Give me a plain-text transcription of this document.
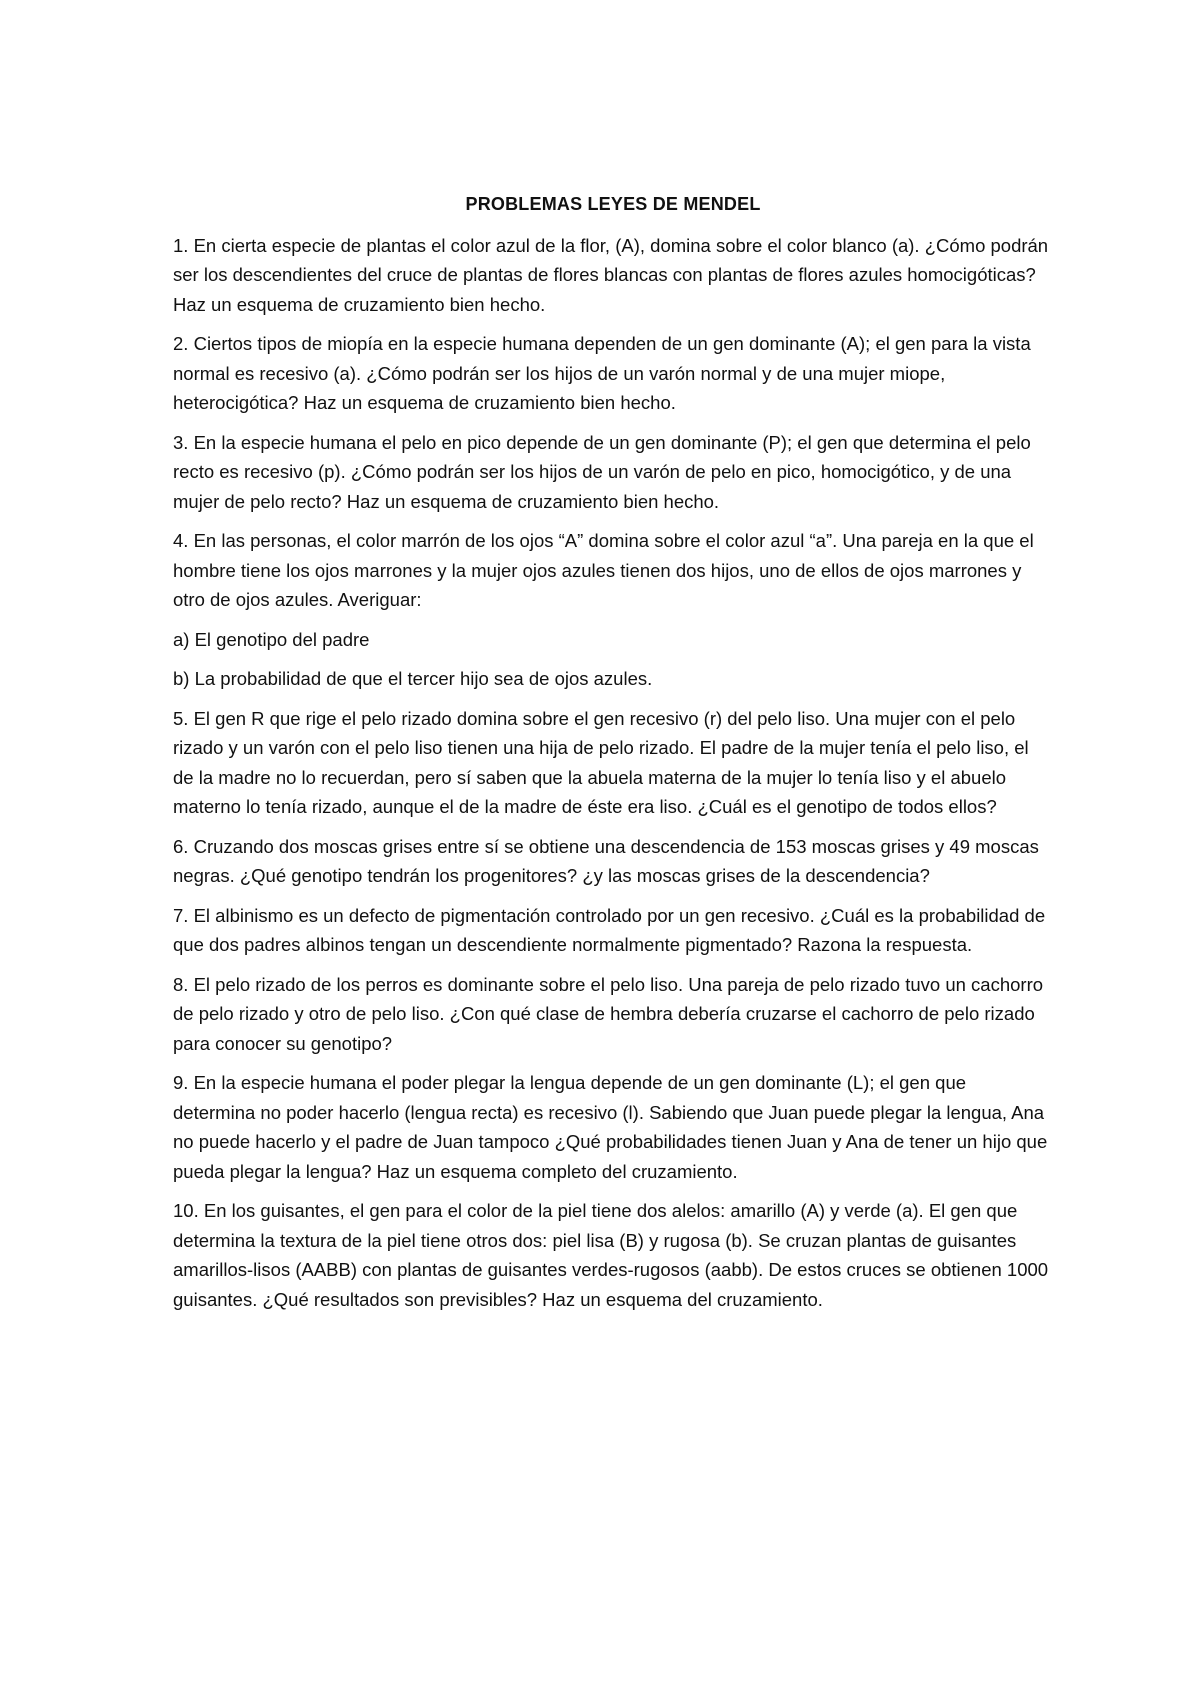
PROBLEMAS LEYES DE MENDEL
1. En cierta especie de plantas el color azul de la flor, (A), domina sobre el color blanco (a). ¿Cómo podrán ser los descendientes del cruce de plantas de flores blancas con plantas de flores azules homocigóticas? Haz un esquema de cruzamiento bien hecho.
2. Ciertos tipos de miopía en la especie humana dependen de un gen dominante (A); el gen para la vista normal es recesivo (a). ¿Cómo podrán ser los hijos de un varón normal y de una mujer miope, heterocigótica? Haz un esquema de cruzamiento bien hecho.
3. En la especie humana el pelo en pico depende de un gen dominante (P); el gen que determina el pelo recto es recesivo (p). ¿Cómo podrán ser los hijos de un varón de pelo en pico, homocigótico, y de una mujer de pelo recto? Haz un esquema de cruzamiento bien hecho.
4. En las personas, el color marrón de los ojos “A” domina sobre el color azul “a”. Una pareja en la que el hombre tiene los ojos marrones y la mujer ojos azules tienen dos hijos, uno de ellos de ojos marrones y otro de ojos azules. Averiguar:
a) El genotipo del padre
b) La probabilidad de que el tercer hijo sea de ojos azules.
5. El gen R que rige el pelo rizado domina sobre el gen recesivo (r) del pelo liso. Una mujer con el pelo rizado y un varón con el pelo liso tienen una hija de pelo rizado. El padre de la mujer tenía el pelo liso, el de la madre no lo recuerdan, pero sí saben que la abuela materna de la mujer lo tenía liso y el abuelo materno lo tenía rizado, aunque el de la madre de éste era liso. ¿Cuál es el genotipo de todos ellos?
6. Cruzando dos moscas grises entre sí se obtiene una descendencia de 153 moscas grises y 49 moscas negras. ¿Qué genotipo tendrán los progenitores? ¿y las moscas grises de la descendencia?
7. El albinismo es un defecto de pigmentación controlado por un gen recesivo. ¿Cuál es la probabilidad de que dos padres albinos tengan un descendiente normalmente pigmentado? Razona la respuesta.
8. El pelo rizado de los perros es dominante sobre el pelo liso. Una pareja de pelo rizado tuvo un cachorro de pelo rizado y otro de pelo liso. ¿Con qué clase de hembra debería cruzarse el cachorro de pelo rizado para conocer su genotipo?
9. En la especie humana el poder plegar la lengua depende de un gen dominante (L); el gen que determina no poder hacerlo (lengua recta) es recesivo (l). Sabiendo que Juan puede plegar la lengua, Ana no puede hacerlo y el padre de Juan tampoco ¿Qué probabilidades tienen Juan y Ana de tener un hijo que pueda plegar la lengua? Haz un esquema completo del cruzamiento.
10. En los guisantes, el gen para el color de la piel tiene dos alelos: amarillo (A) y verde (a). El gen que determina la textura de la piel tiene otros dos: piel lisa (B) y rugosa (b). Se cruzan plantas de guisantes amarillos-lisos (AABB) con plantas de guisantes verdes-rugosos (aabb). De estos cruces se obtienen 1000 guisantes. ¿Qué resultados son previsibles? Haz un esquema del cruzamiento.
